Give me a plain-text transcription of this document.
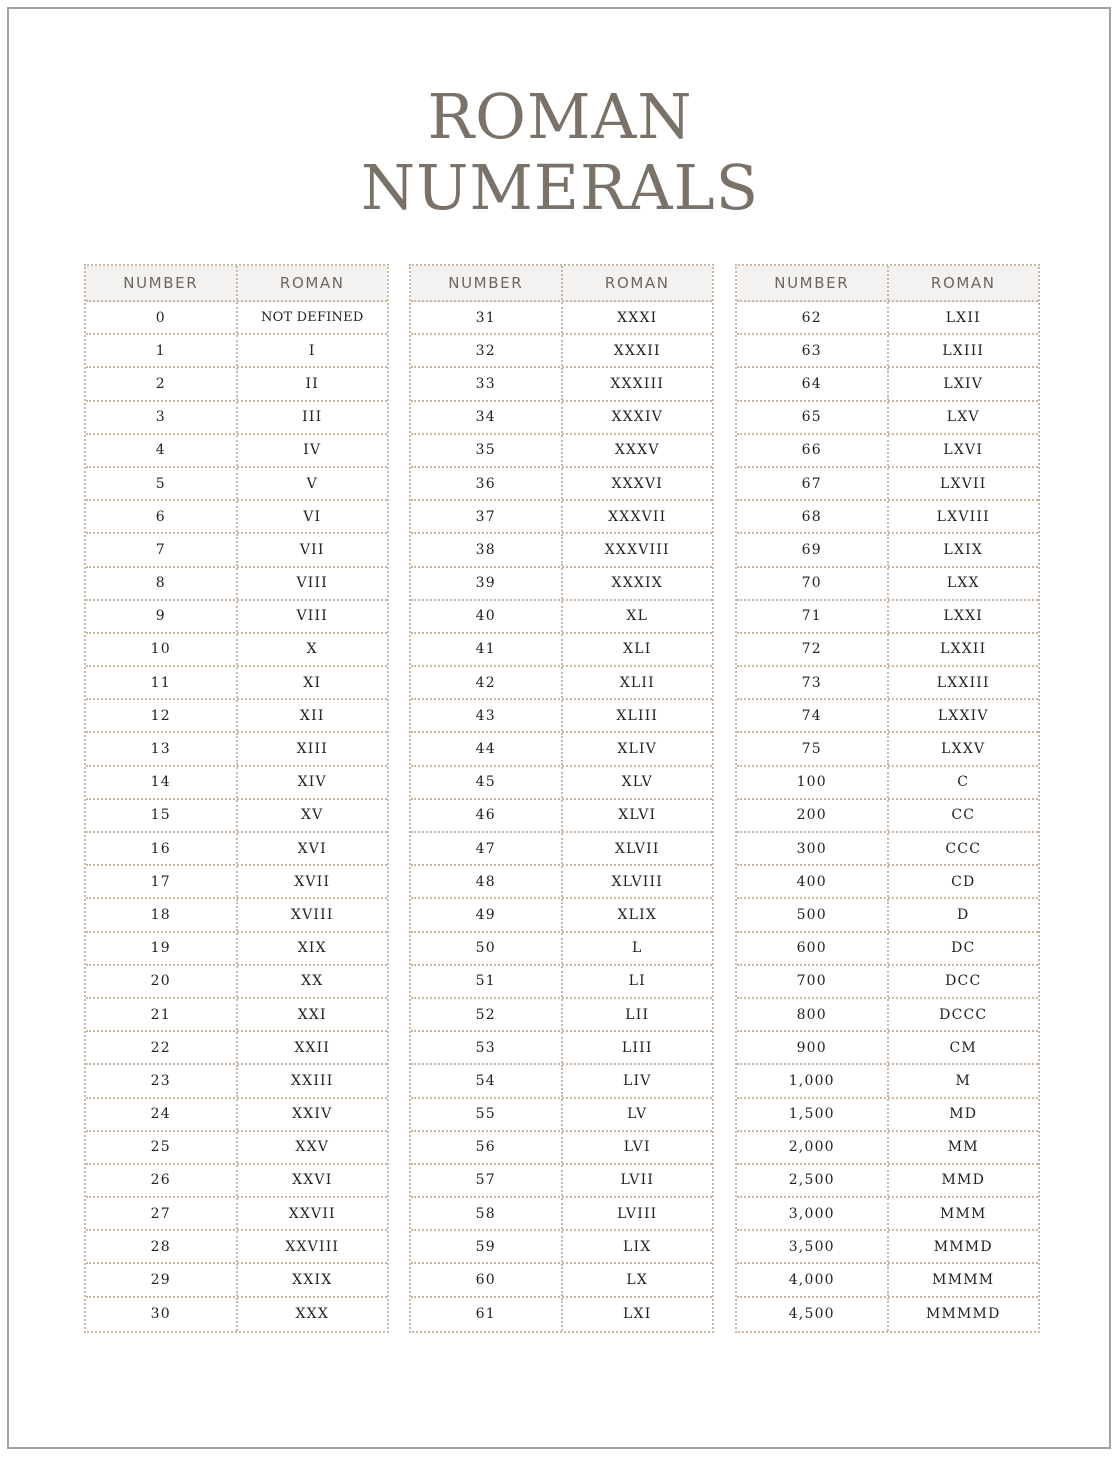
ROMAN
NUMERALS
NUMBER	ROMAN
0	NOT DEFINED
1	I
2	II
3	III
4	IV
5	V
6	VI
7	VII
8	VIII
9	VIII
10	X
11	XI
12	XII
13	XIII
14	XIV
15	XV
16	XVI
17	XVII
18	XVIII
19	XIX
20	XX
21	XXI
22	XXII
23	XXIII
24	XXIV
25	XXV
26	XXVI
27	XXVII
28	XXVIII
29	XXIX
30	XXX
NUMBER	ROMAN
31	XXXI
32	XXXII
33	XXXIII
34	XXXIV
35	XXXV
36	XXXVI
37	XXXVII
38	XXXVIII
39	XXXIX
40	XL
41	XLI
42	XLII
43	XLIII
44	XLIV
45	XLV
46	XLVI
47	XLVII
48	XLVIII
49	XLIX
50	L
51	LI
52	LII
53	LIII
54	LIV
55	LV
56	LVI
57	LVII
58	LVIII
59	LIX
60	LX
61	LXI
NUMBER	ROMAN
62	LXII
63	LXIII
64	LXIV
65	LXV
66	LXVI
67	LXVII
68	LXVIII
69	LXIX
70	LXX
71	LXXI
72	LXXII
73	LXXIII
74	LXXIV
75	LXXV
100	C
200	CC
300	CCC
400	CD
500	D
600	DC
700	DCC
800	DCCC
900	CM
1,000	M
1,500	MD
2,000	MM
2,500	MMD
3,000	MMM
3,500	MMMD
4,000	MMMM
4,500	MMMMD
